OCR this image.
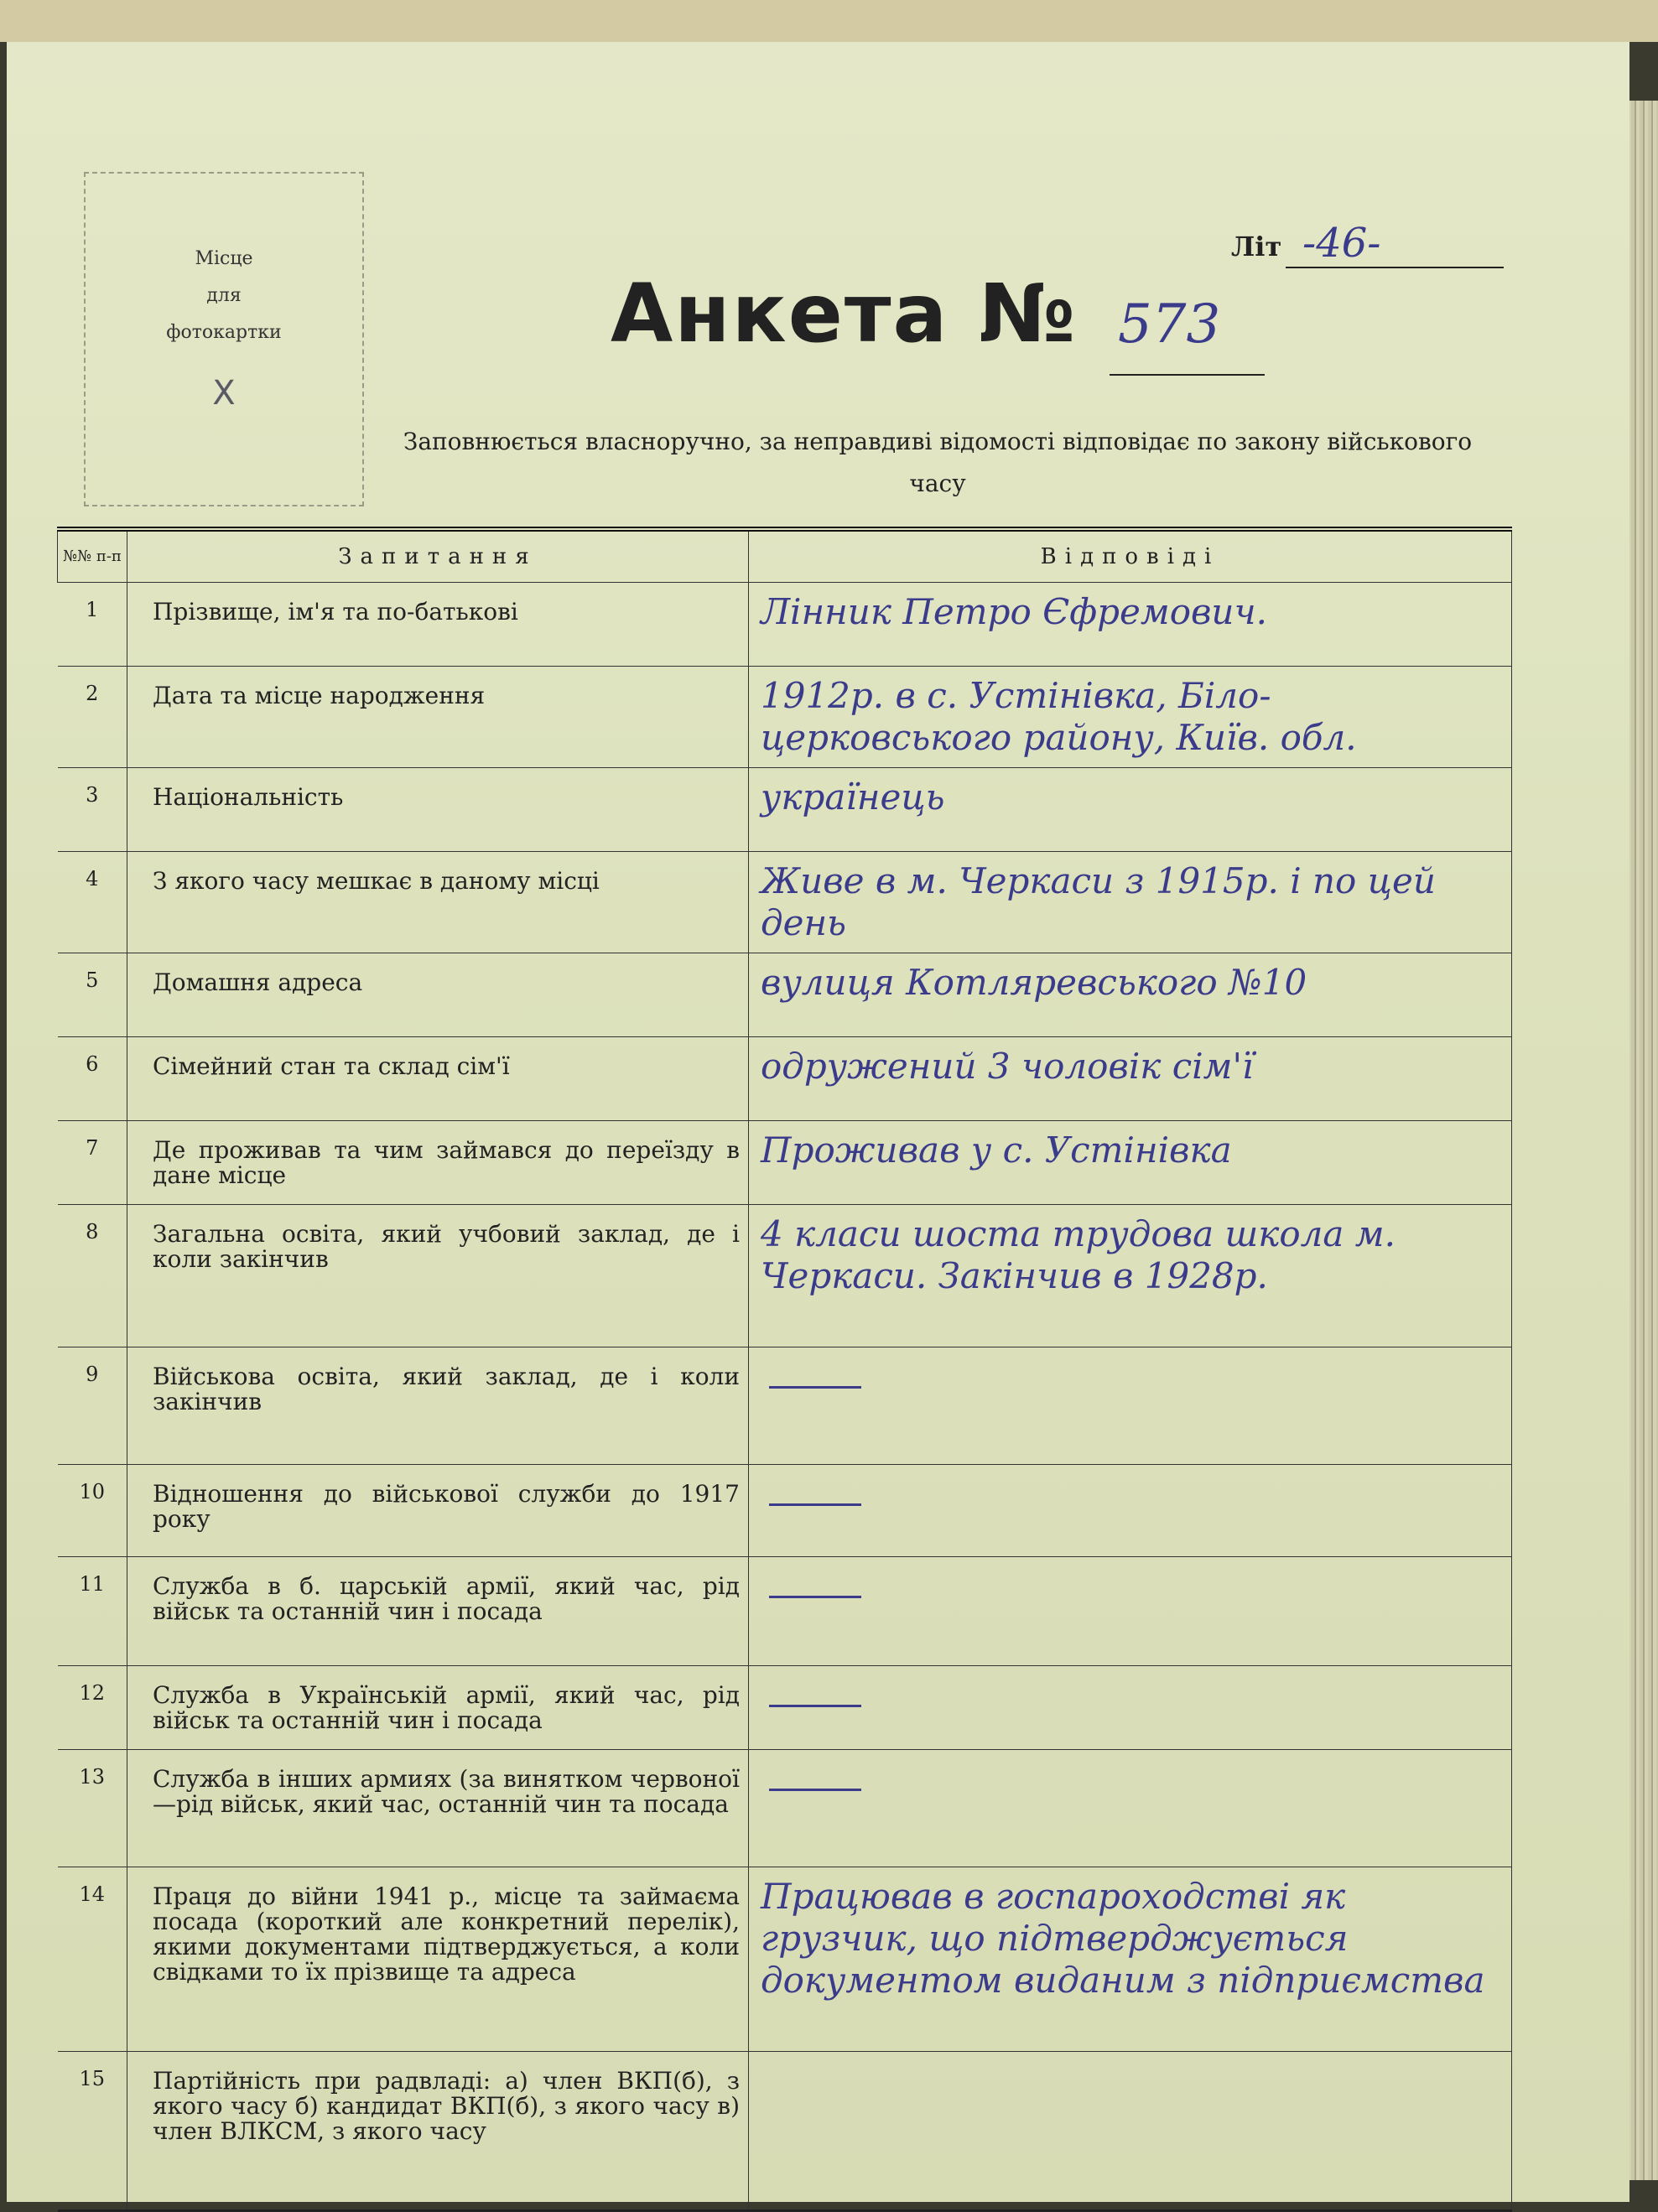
Місце
для
фотокартки
X
Літ -46-
Анкета № 573
Заповнюється власноручно, за неправдиві відомості відповідає по закону військового часу
№№ п-п	Запитання	Відповіді
1	Прізвище, ім'я та по-батькові	Лінник Петро Єфремович.
2	Дата та місце народження	1912р. в с. Устінівка, Біло-церковського району, Київ. обл.
3	Національність	українець
4	З якого часу мешкає в даному місці	Живе в м. Черкаси з 1915р. і по цей день
5	Домашня адреса	вулиця Котляревського №10
6	Сімейний стан та склад сім'ї	одружений 3 чоловік сім'ї
7	Де проживав та чим займався до переїзду в дане місце	Проживав у с. Устінівка
8	Загальна освіта, який учбовий заклад, де і коли закінчив	4 класи шоста трудова школа м. Черкаси. Закінчив в 1928р.
9	Військова освіта, який заклад, де і коли закінчив	
10	Відношення до військової служби до 1917 року	
11	Служба в б. царській армії, який час, рід військ та останній чин і посада	
12	Служба в Українській армії, який час, рід військ та останній чин і посада	
13	Служба в інших армиях (за винятком червоної—рід військ, який час, останній чин та посада	
14	Праця до війни 1941 р., місце та займаєма посада (короткий але конкретний перелік), якими документами підтверджується, а коли свідками то їх прізвище та адреса	Працював в госпароходстві як грузчик, що підтверджується документом виданим з підприємства
15	Партійність при радвладі: а) член ВКП(б), з якого часу б) кандидат ВКП(б), з якого часу в) член ВЛКСМ, з якого часу	
